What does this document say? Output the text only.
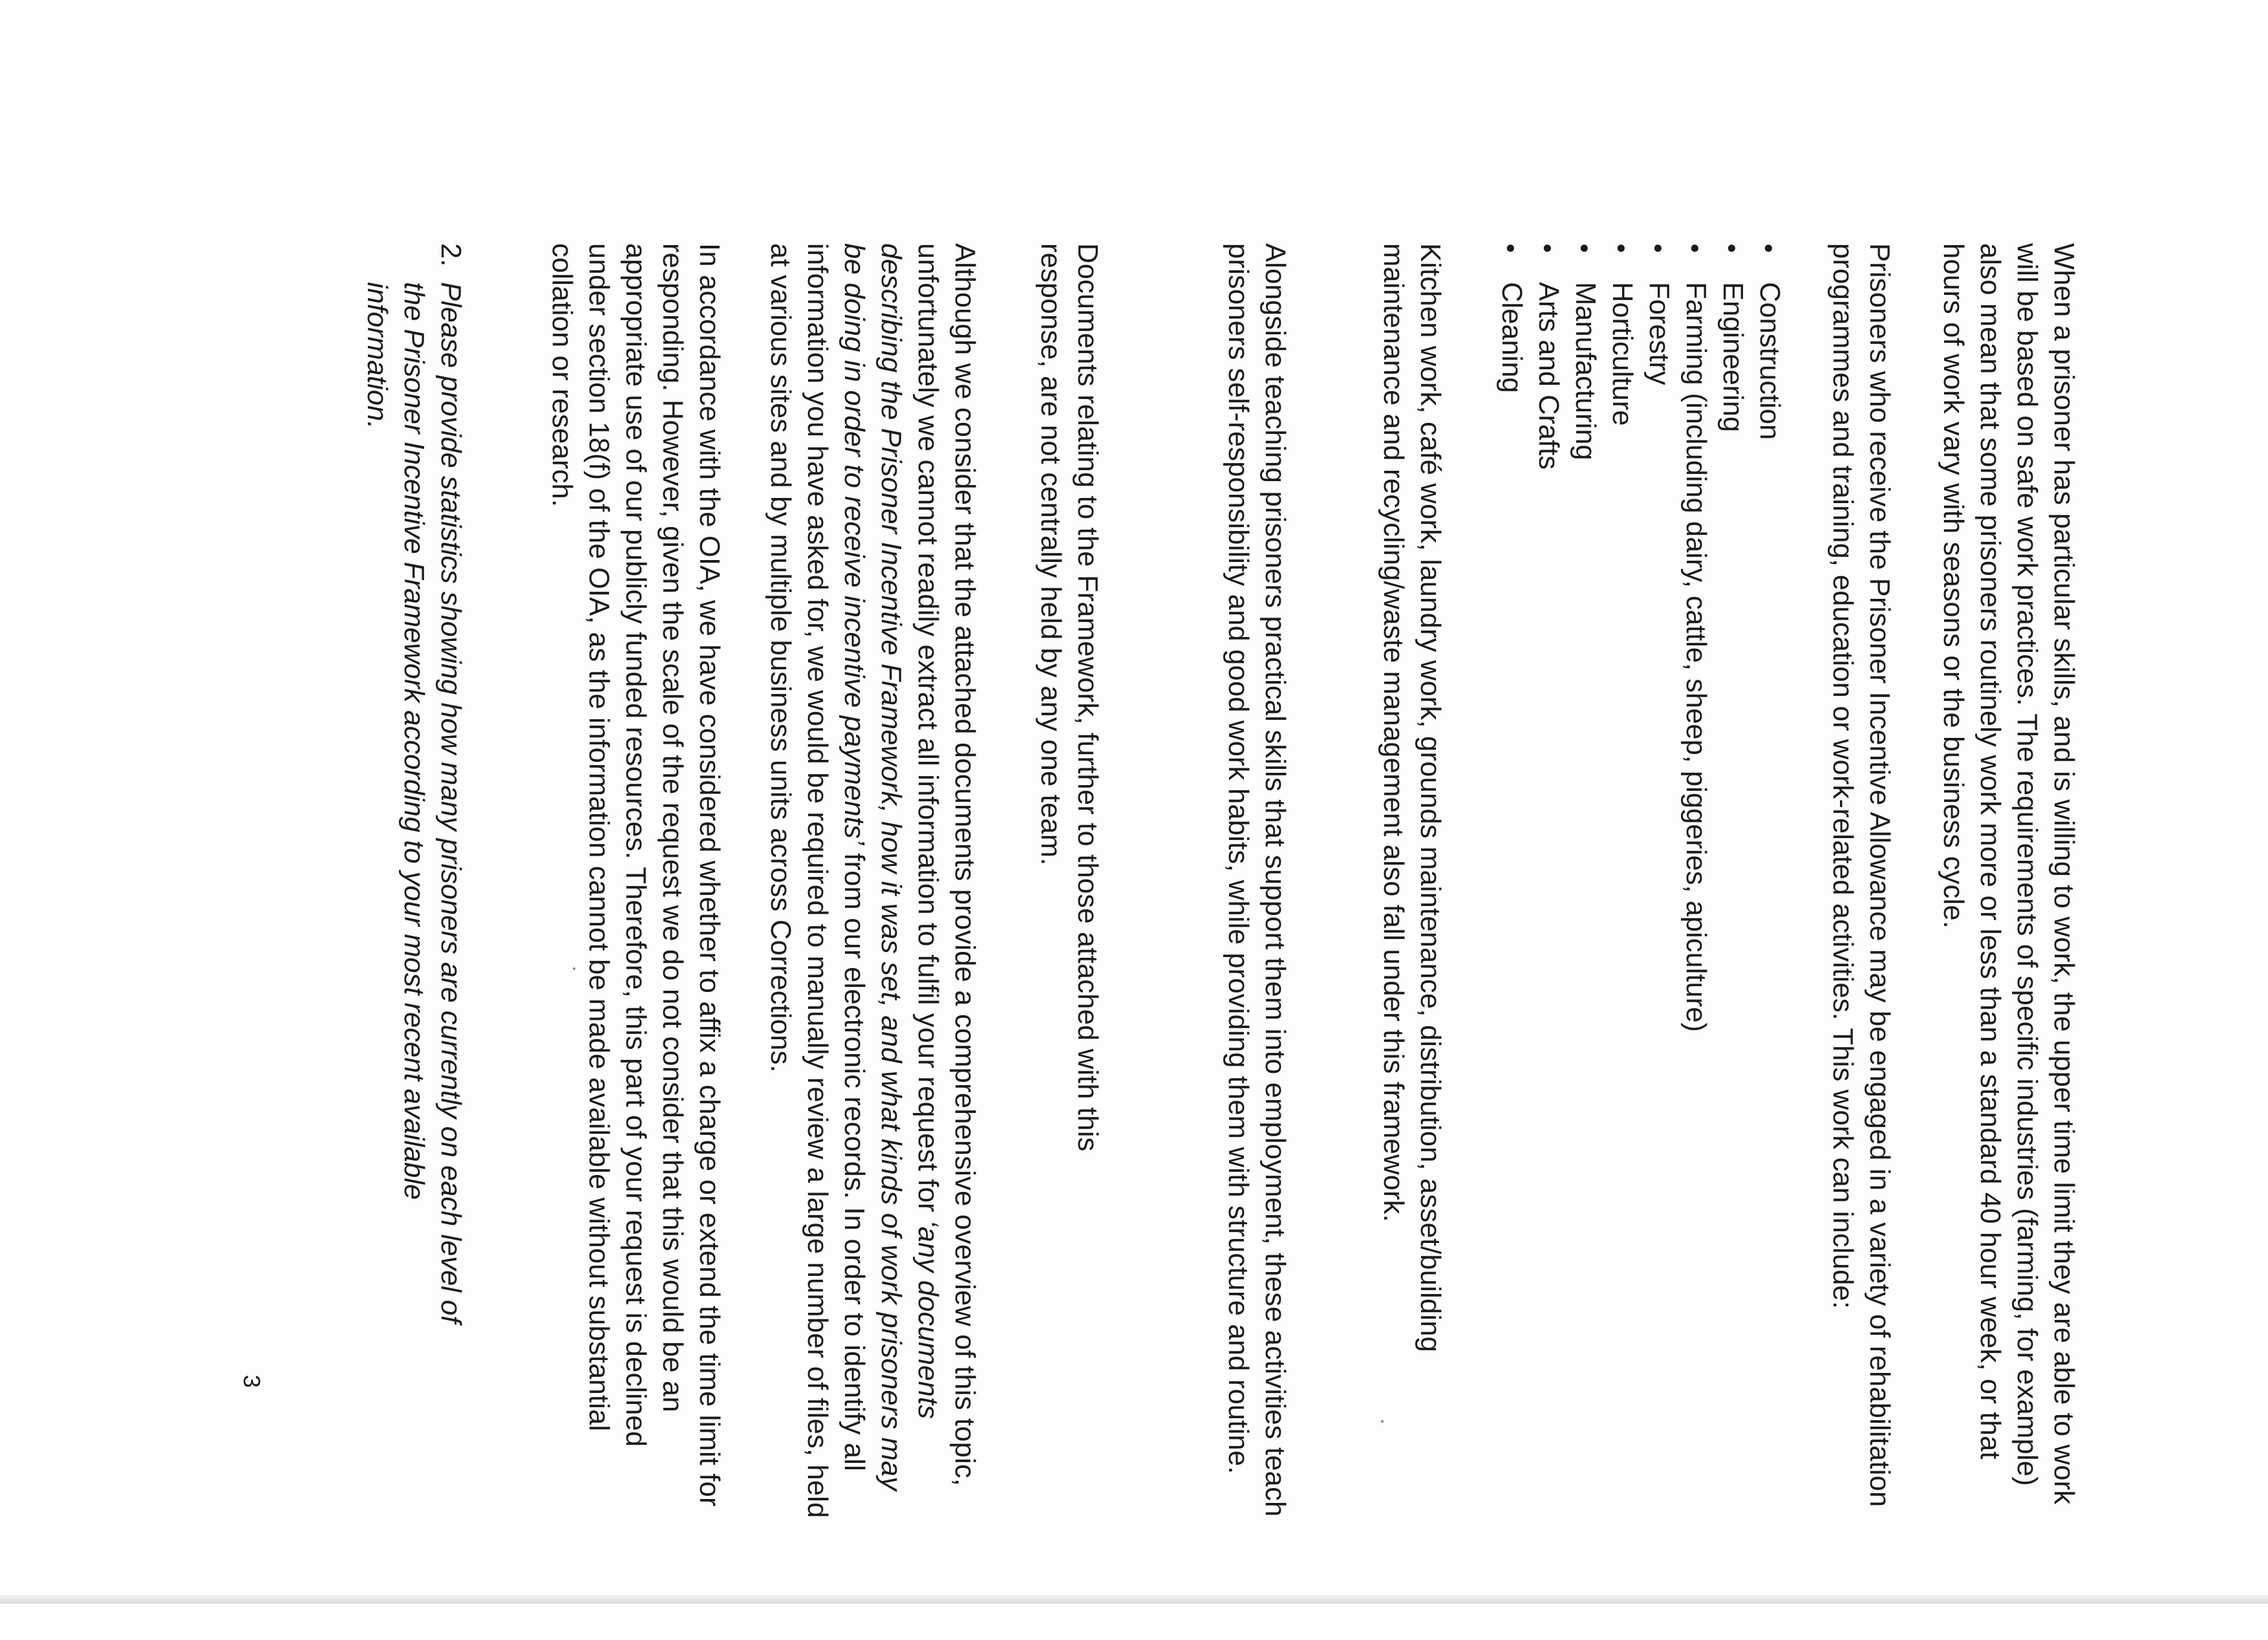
When a prisoner has particular skills, and is willing to work, the upper time limit they are able to work will be based on safe work practices. The requirements of specific industries (farming, for example) also mean that some prisoners routinely work more or less than a standard 40 hour week, or that hours of work vary with seasons or the business cycle.

Prisoners who receive the Prisoner Incentive Allowance may be engaged in a variety of rehabilitation programmes and training, education or work-related activities. This work can include:

● Construction
● Engineering
● Farming (including dairy, cattle, sheep, piggeries, apiculture)
● Forestry
● Horticulture
● Manufacturing
● Arts and Crafts
● Cleaning

Kitchen work, café work, laundry work, grounds maintenance, distribution, asset/building maintenance and recycling/waste management also fall under this framework.

Alongside teaching prisoners practical skills that support them into employment, these activities teach prisoners self-responsibility and good work habits, while providing them with structure and routine.

Documents relating to the Framework, further to those attached with this response, are not centrally held by any one team.

Although we consider that the attached documents provide a comprehensive overview of this topic, unfortunately we cannot readily extract all information to fulfil your request for ‘any documents describing the Prisoner Incentive Framework, how it was set, and what kinds of work prisoners may be doing in order to receive incentive payments’ from our electronic records. In order to identify all information you have asked for, we would be required to manually review a large number of files, held at various sites and by multiple business units across Corrections.

In accordance with the OIA, we have considered whether to affix a charge or extend the time limit for responding. However, given the scale of the request we do not consider that this would be an appropriate use of our publicly funded resources. Therefore, this part of your request is declined under section 18(f) of the OIA, as the information cannot be made available without substantial collation or research.

2.
Please provide statistics showing how many prisoners are currently on each level of the Prisoner Incentive Framework according to your most recent available information.
3
